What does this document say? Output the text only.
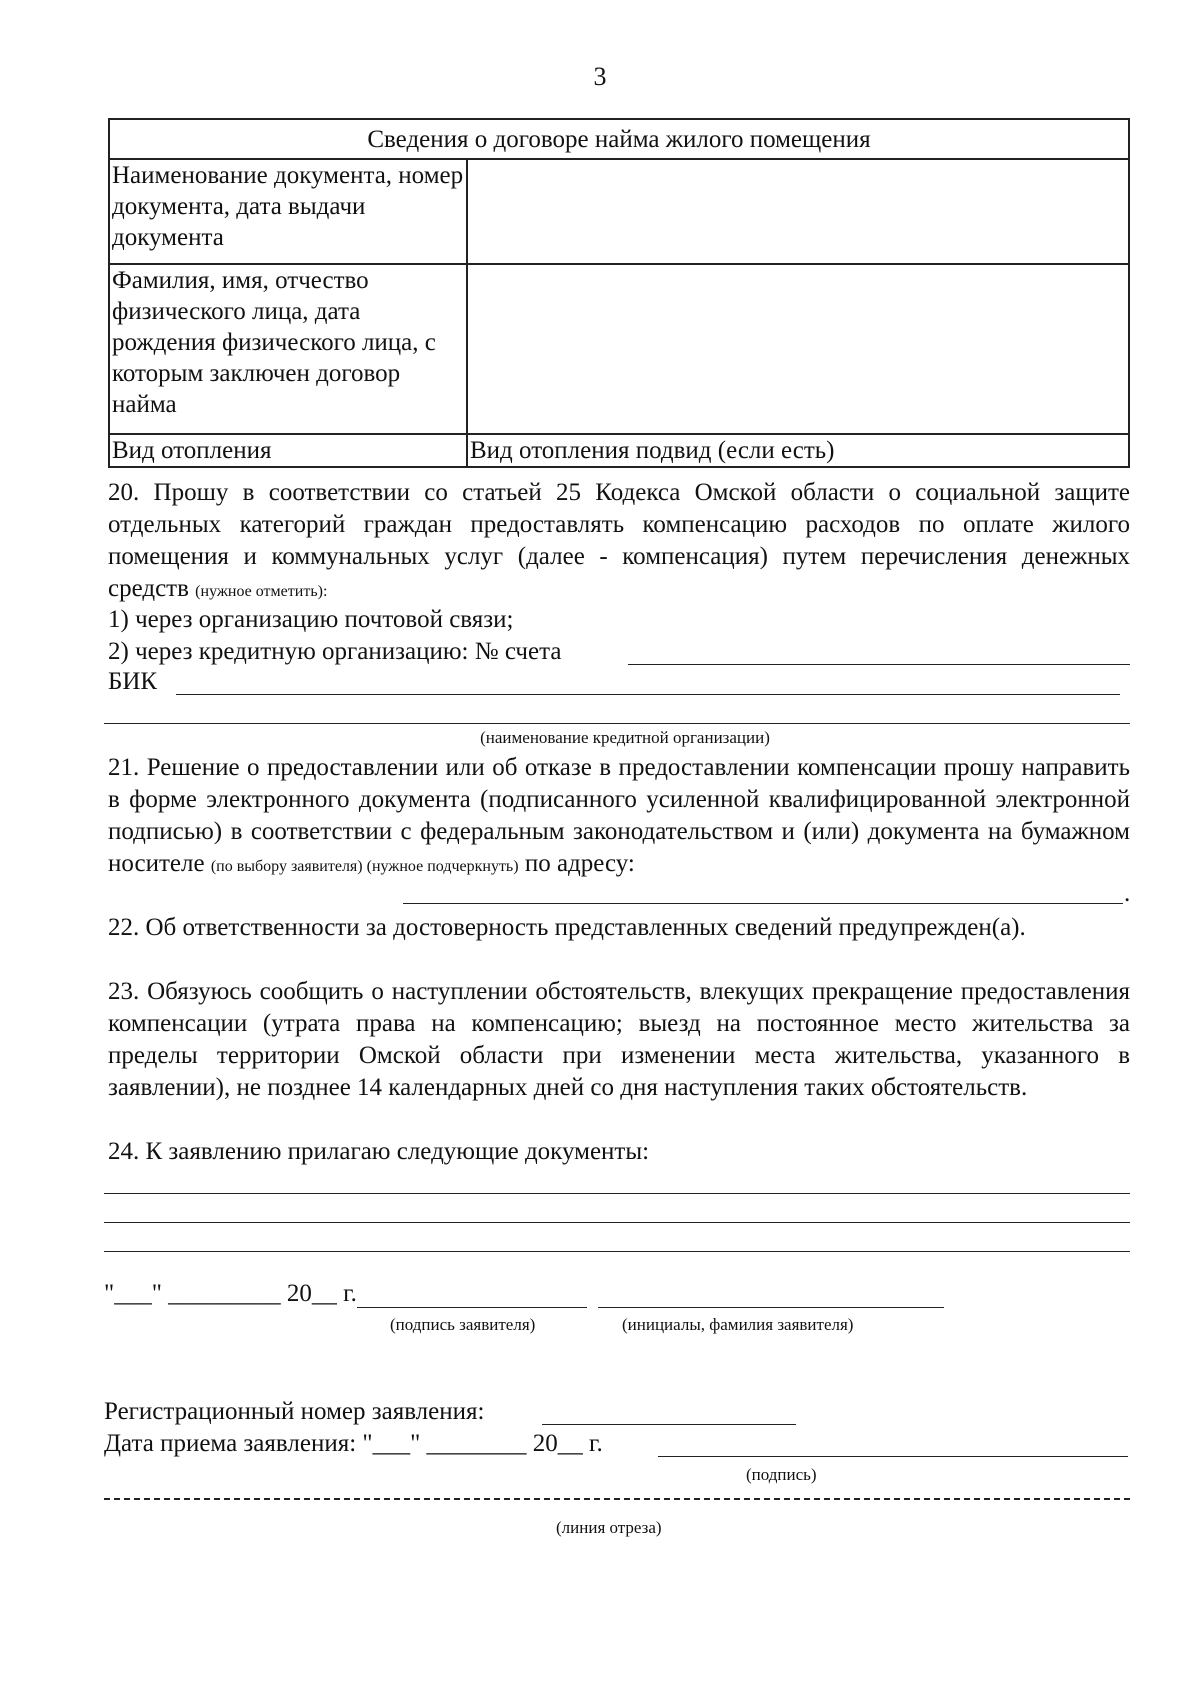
3
Сведения о договоре найма жилого помещения	
Наименование документа, номер документа, дата выдачи документа	
Фамилия, имя, отчество физического лица, дата рождения физического лица, с которым заключен договор найма	
Вид отопления	Вид отопления подвид (если есть)
20. Прошу в соответствии со статьей 25 Кодекса Омской области о социальной защите отдельных категорий граждан предоставлять компенсацию расходов по оплате жилого помещения и коммунальных услуг (далее - компенсация) путем перечисления денежных средств (нужное отметить):
1) через организацию почтовой связи;
2) через кредитную организацию: № счета
БИК
(наименование кредитной организации)
21. Решение о предоставлении или об отказе в предоставлении компенсации прошу направить в форме электронного документа (подписанного усиленной квалифицированной электронной подписью) в соответствии с федеральным законодательством и (или) документа на бумажном носителе (по выбору заявителя) (нужное подчеркнуть) по адресу:
.
22. Об ответственности за достоверность представленных сведений предупрежден(а).
23. Обязуюсь сообщить о наступлении обстоятельств, влекущих прекращение предоставления компенсации (утрата права на компенсацию; выезд на постоянное место жительства за пределы территории Омской области при изменении места жительства, указанного в заявлении), не позднее 14 календарных дней со дня наступления таких обстоятельств.
24. К заявлению прилагаю следующие документы:
"___" _________ 20__ г.
(подпись заявителя)	(инициалы, фамилия заявителя)
Регистрационный номер заявления:
Дата приема заявления: "___" ________ 20__ г.
(подпись)
(линия отреза)
